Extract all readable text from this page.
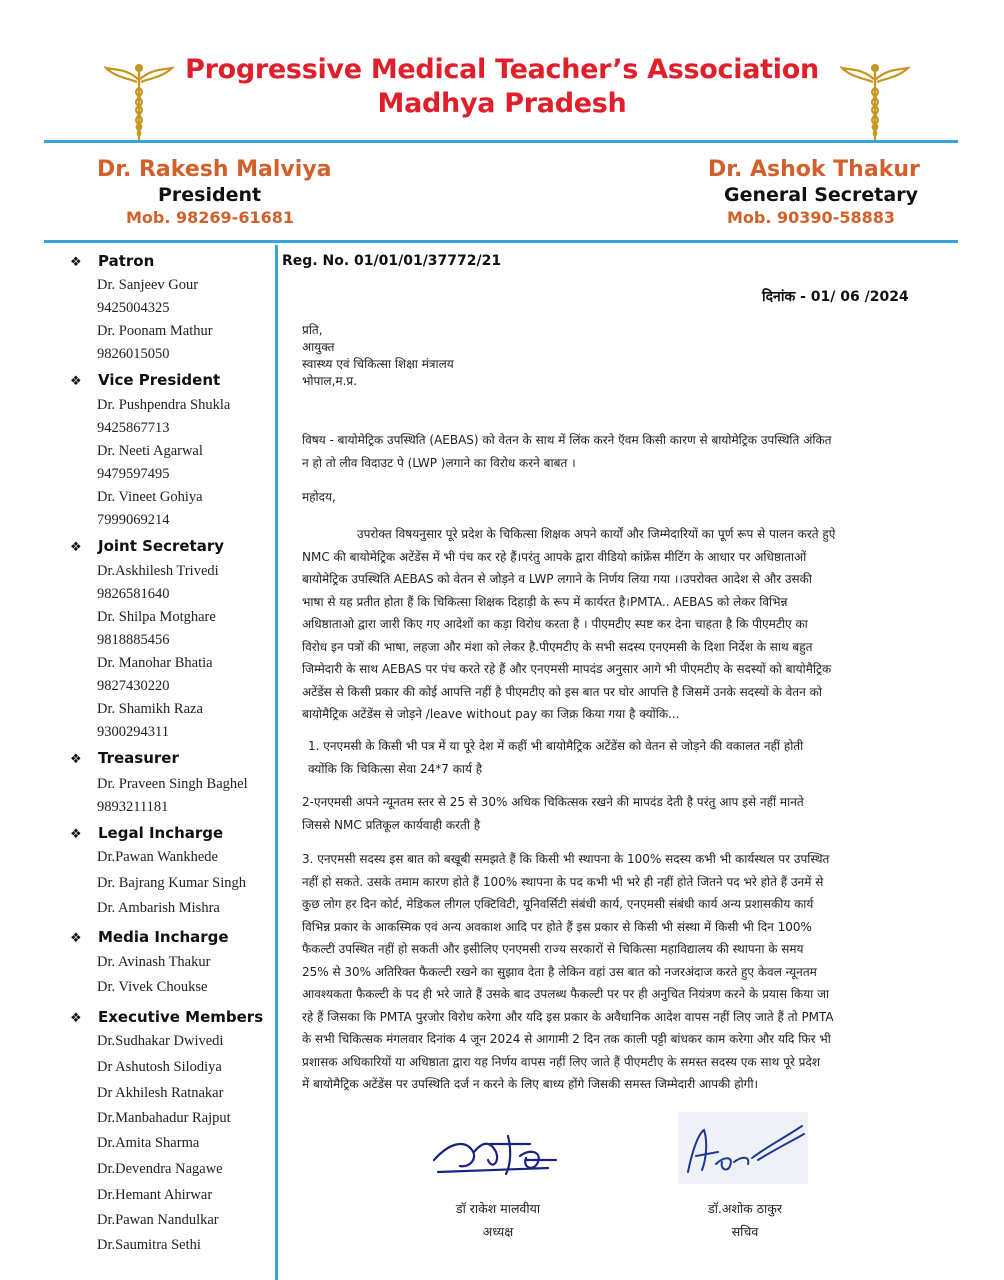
Progressive Medical Teacher’s Association
Madhya Pradesh
Dr. Rakesh Malviya
President
Mob. 98269-61681
Dr. Ashok Thakur
General Secretary
Mob. 90390-58883
❖ Patron
Dr. Sanjeev Gour
9425004325
Dr. Poonam Mathur
9826015050
❖ Vice President
Dr. Pushpendra Shukla
9425867713
Dr. Neeti Agarwal
9479597495
Dr. Vineet Gohiya
7999069214
❖ Joint Secretary
Dr.Askhilesh Trivedi
9826581640
Dr. Shilpa Motghare
9818885456
Dr. Manohar Bhatia
9827430220
Dr. Shamikh Raza
9300294311
❖ Treasurer
Dr. Praveen Singh Baghel
9893211181
❖ Legal Incharge
Dr.Pawan Wankhede
Dr. Bajrang Kumar Singh
Dr. Ambarish Mishra
❖ Media Incharge
Dr. Avinash Thakur
Dr. Vivek Choukse
❖ Executive Members
Dr.Sudhakar Dwivedi
Dr Ashutosh Silodiya
Dr Akhilesh Ratnakar
Dr.Manbahadur Rajput
Dr.Amita Sharma
Dr.Devendra Nagawe
Dr.Hemant Ahirwar
Dr.Pawan Nandulkar
Dr.Saumitra Sethi
Reg. No. 01/01/01/37772/21
दिनांक - 01/ 06 /2024
प्रति,
आयुक्त
स्वास्थ्य एवं चिकित्सा शिक्षा मंत्रालय
भोपाल,म.प्र.
विषय - बायोमेट्रिक उपस्थिति (AEBAS) को वेतन के साथ में लिंक करने ऍवम किसी कारण से बायोमेट्रिक उपस्थिति अंकित
न हो तो लीव विदाउट पे (LWP )लगाने का विरोध करने बाबत ।
महोदय,
उपरोक्त विषयनुसार पूरे प्रदेश के चिकित्सा शिक्षक अपने कार्यों और जिम्मेदारियों का पूर्ण रूप से पालन करते हुऐ
NMC की बायोमेट्रिक अटेंडेंस में भी पंच कर रहे हैं।परंतु आपके द्वारा वीडियो कांफ्रेंस मीटिंग के आधार पर अधिष्ठाताओं
बायोमेट्रिक उपस्थिति AEBAS को वेतन से जोड़ने व LWP लगाने के निर्णय लिया गया ।।उपरोक्त आदेश से और उसकी
भाषा से यह प्रतीत होता हैं कि चिकित्सा शिक्षक दिहाड़ी के रूप में कार्यरत है।PMTA.. AEBAS को लेकर विभिन्न
अधिष्ठाताओ द्वारा जारी किए गए आदेशों का कड़ा विरोध करता है । पीएमटीए स्पष्ट कर देना चाहता है कि पीएमटीए का
विरोध इन पत्रों की भाषा, लहजा और मंशा को लेकर है.पीएमटीए के सभी सदस्य एनएमसी के दिशा निर्देश के साथ बहुत
जिम्मेदारी के साथ AEBAS पर पंच करते रहे हैं और एनएमसी मापदंड अनुसार आगे भी पीएमटीए के सदस्यों को बायोमैट्रिक
अटेंडेंस से किसी प्रकार की कोई आपत्ति नहीं है पीएमटीए को इस बात पर घोर आपत्ति है जिसमें उनके सदस्यों के वेतन को
बायोमैट्रिक अटेंडेंस से जोड़ने /leave without pay का जिक्र किया गया है क्योंकि...
1. एनएमसी के किसी भी पत्र में या पूरे देश में कहीं भी बायोमैट्रिक अटेंडेंस को वेतन से जोड़ने की वकालत नहीं होती
क्योंकि कि चिकित्सा सेवा 24*7 कार्य है
2-एनएमसी अपने न्यूनतम स्तर से 25 से 30% अधिक चिकित्सक रखने की मापदंड देती है परंतु आप इसे नहीं मानते
जिससे NMC प्रतिकूल कार्यवाही करती है
3. एनएमसी सदस्य इस बात को बखूबी समझते हैं कि किसी भी स्थापना के 100% सदस्य कभी भी कार्यस्थल पर उपस्थित
नहीं हो सकते. उसके तमाम कारण होते हैं 100% स्थापना के पद कभी भी भरे ही नहीं होते जितने पद भरे होते हैं उनमें से
कुछ लोग हर दिन कोर्ट, मेडिकल लीगल एक्टिविटी, यूनिवर्सिटी संबंधी कार्य, एनएमसी संबंधी कार्य अन्य प्रशासकीय कार्य
विभिन्न प्रकार के आकस्मिक एवं अन्य अवकाश आदि पर होते हैं इस प्रकार से किसी भी संस्था में किसी भी दिन 100%
फैकल्टी उपस्थित नहीं हो सकती और इसीलिए एनएमसी राज्य सरकारों से चिकित्सा महाविद्यालय की स्थापना के समय
25% से 30% अतिरिक्त फैकल्टी रखने का सुझाव देता है लेकिन वहां उस बात को नजरअंदाज करते हुए केवल न्यूनतम
आवश्यकता फैकल्टी के पद ही भरे जाते हैं उसके बाद उपलब्ध फैकल्टी पर पर ही अनुचित नियंत्रण करने के प्रयास किया जा
रहे हैं जिसका कि PMTA पुरजोर विरोध करेगा और यदि इस प्रकार के अवैधानिक आदेश वापस नहीं लिए जाते हैं तो PMTA
के सभी चिकित्सक मंगलवार दिनांक 4 जून 2024 से आगामी 2 दिन तक काली पट्टी बांधकर काम करेगा और यदि फिर भी
प्रशासक अधिकारियों या अधिष्ठाता द्वारा यह निर्णय वापस नहीं लिए जाते हैं पीएमटीए के समस्त सदस्य एक साथ पूरे प्रदेश
में बायोमैट्रिक अटेंडेंस पर उपस्थिति दर्ज न करने के लिए बाध्य होंगे जिसकी समस्त जिम्मेदारी आपकी होगी।
डॉ राकेश मालवीया
अध्यक्ष
डॉ.अशोक ठाकुर
सचिव
